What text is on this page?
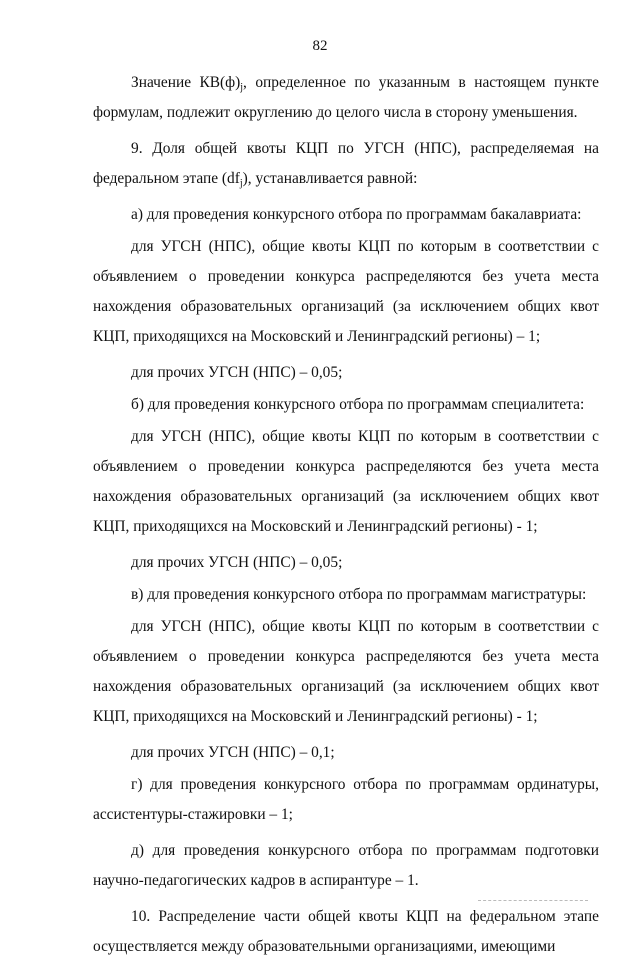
82

Значение $КВ(ф)_j$, определенное по указанным в настоящем пункте формулам, подлежит округлению до целого числа в сторону уменьшения.

9. Доля общей квоты КЦП по УГСН (НПС), распределяемая на федеральном этапе $(df_j)$, устанавливается равной:

а) для проведения конкурсного отбора по программам бакалавриата:

для УГСН (НПС), общие квоты КЦП по которым в соответствии с объявлением о проведении конкурса распределяются без учета места нахождения образовательных организаций (за исключением общих квот КЦП, приходящихся на Московский и Ленинградский регионы) – 1;

для прочих УГСН (НПС) – 0,05;

б) для проведения конкурсного отбора по программам специалитета:

для УГСН (НПС), общие квоты КЦП по которым в соответствии с объявлением о проведении конкурса распределяются без учета места нахождения образовательных организаций (за исключением общих квот КЦП, приходящихся на Московский и Ленинградский регионы) - 1;

для прочих УГСН (НПС) – 0,05;

в) для проведения конкурсного отбора по программам магистратуры:

для УГСН (НПС), общие квоты КЦП по которым в соответствии с объявлением о проведении конкурса распределяются без учета места нахождения образовательных организаций (за исключением общих квот КЦП, приходящихся на Московский и Ленинградский регионы) - 1;

для прочих УГСН (НПС) – 0,1;

г) для проведения конкурсного отбора по программам ординатуры, ассистентуры-стажировки – 1;

д) для проведения конкурсного отбора по программам подготовки научно-педагогических кадров в аспирантуре – 1.

10. Распределение части общей квоты КЦП на федеральном этапе осуществляется между образовательными организациями, имеющими
